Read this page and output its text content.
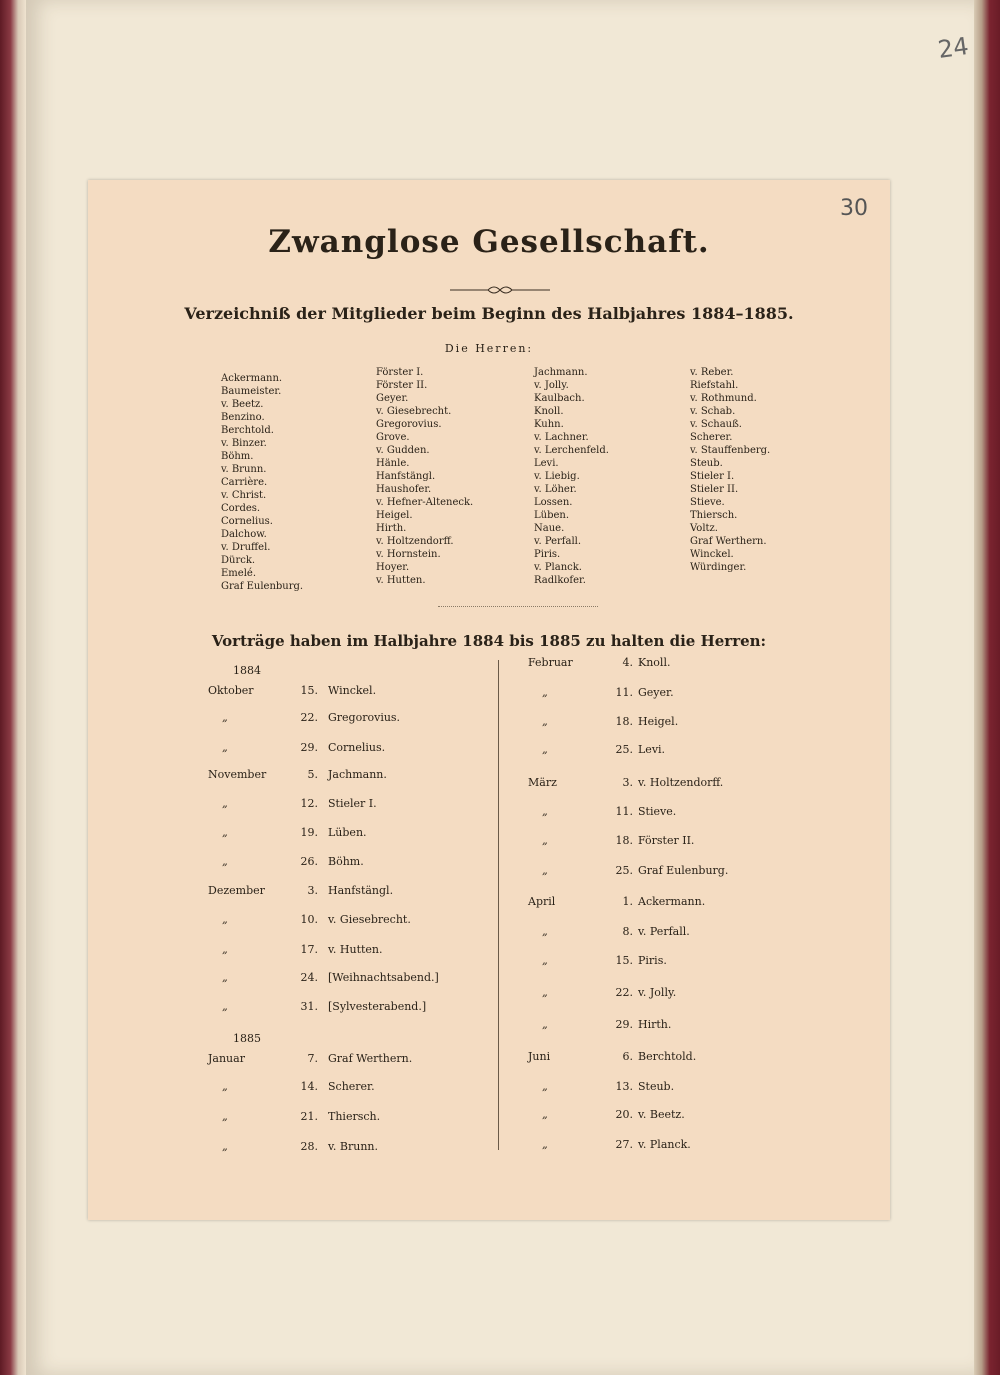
24
30
Zwanglose Gesellschaft.
Verzeichniß der Mitglieder beim Beginn des Halbjahres 1884–1885.
Die Herren:
Ackermann.
Baumeister.
v. Beetz.
Benzino.
Berchtold.
v. Binzer.
Böhm.
v. Brunn.
Carrière.
v. Christ.
Cordes.
Cornelius.
Dalchow.
v. Druffel.
Dürck.
Emelé.
Graf Eulenburg.
Förster I.
Förster II.
Geyer.
v. Giesebrecht.
Gregorovius.
Grove.
v. Gudden.
Hänle.
Hanfstängl.
Haushofer.
v. Hefner-Alteneck.
Heigel.
Hirth.
v. Holtzendorff.
v. Hornstein.
Hoyer.
v. Hutten.
Jachmann.
v. Jolly.
Kaulbach.
Knoll.
Kuhn.
v. Lachner.
v. Lerchenfeld.
Levi.
v. Liebig.
v. Löher.
Lossen.
Lüben.
Naue.
v. Perfall.
Piris.
v. Planck.
Radlkofer.
v. Reber.
Riefstahl.
v. Rothmund.
v. Schab.
v. Schauß.
Scherer.
v. Stauffenberg.
Steub.
Stieler I.
Stieler II.
Stieve.
Thiersch.
Voltz.
Graf Werthern.
Winckel.
Würdinger.
Vorträge haben im Halbjahre 1884 bis 1885 zu halten die Herren:
1884
1885
Oktober	15. Winckel.
„	22. Gregorovius.
„	29. Cornelius.
November	5. Jachmann.
„	12. Stieler I.
„	19. Lüben.
„	26. Böhm.
Dezember	3. Hanfstängl.
„	10. v. Giesebrecht.
„	17. v. Hutten.
„	24. [Weihnachtsabend.]
„	31. [Sylvesterabend.]
Januar	7. Graf Werthern.
„	14. Scherer.
„	21. Thiersch.
„	28. v. Brunn.
Februar	4. Knoll.
„	11. Geyer.
„	18. Heigel.
„	25. Levi.
März	3. v. Holtzendorff.
„	11. Stieve.
„	18. Förster II.
„	25. Graf Eulenburg.
April	1. Ackermann.
„	8. v. Perfall.
„	15. Piris.
„	22. v. Jolly.
„	29. Hirth.
Juni	6. Berchtold.
„	13. Steub.
„	20. v. Beetz.
„	27. v. Planck.
